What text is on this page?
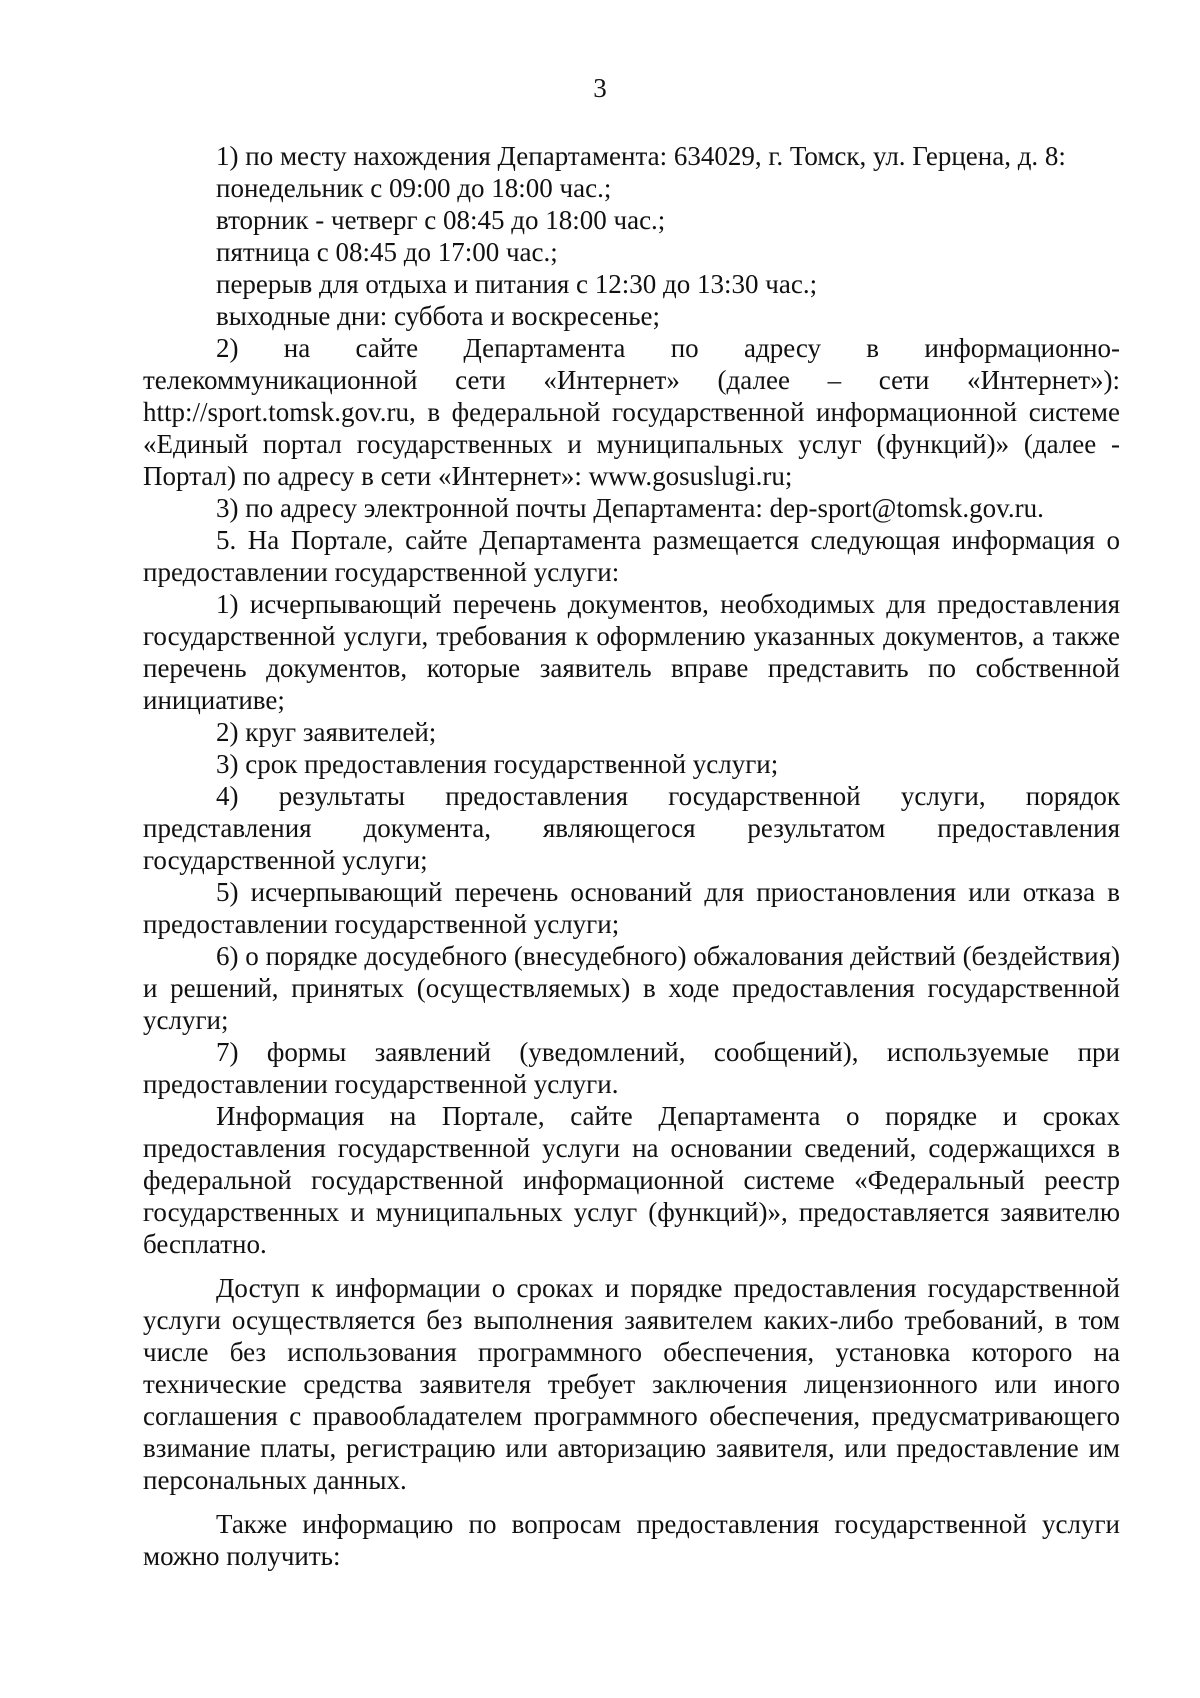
3

1) по месту нахождения Департамента: 634029, г. Томск, ул. Герцена, д. 8:

понедельник с 09:00 до 18:00 час.;

вторник - четверг с 08:45 до 18:00 час.;

пятница с 08:45 до 17:00 час.;

перерыв для отдыха и питания с 12:30 до 13:30 час.;

выходные дни: суббота и воскресенье;

2) на сайте Департамента по адресу в информационно-телекоммуникационной сети «Интернет» (далее – сети «Интернет»): http://sport.tomsk.gov.ru, в федеральной государственной информационной системе «Единый портал государственных и муниципальных услуг (функций)» (далее - Портал) по адресу в сети «Интернет»: www.gosuslugi.ru;

3) по адресу электронной почты Департамента: dep-sport@tomsk.gov.ru.

5. На Портале, сайте Департамента размещается следующая информация о предоставлении государственной услуги:

1) исчерпывающий перечень документов, необходимых для предоставления государственной услуги, требования к оформлению указанных документов, а также перечень документов, которые заявитель вправе представить по собственной инициативе;

2) круг заявителей;

3) срок предоставления государственной услуги;

4) результаты предоставления государственной услуги, порядок представления документа, являющегося результатом предоставления государственной услуги;

5) исчерпывающий перечень оснований для приостановления или отказа в предоставлении государственной услуги;

6) о порядке досудебного (внесудебного) обжалования действий (бездействия) и решений, принятых (осуществляемых) в ходе предоставления государственной услуги;

7) формы заявлений (уведомлений, сообщений), используемые при предоставлении государственной услуги.

Информация на Портале, сайте Департамента о порядке и сроках предоставления государственной услуги на основании сведений, содержащихся в федеральной государственной информационной системе «Федеральный реестр государственных и муниципальных услуг (функций)», предоставляется заявителю бесплатно.

Доступ к информации о сроках и порядке предоставления государственной услуги осуществляется без выполнения заявителем каких-либо требований, в том числе без использования программного обеспечения, установка которого на технические средства заявителя требует заключения лицензионного или иного соглашения с правообладателем программного обеспечения, предусматривающего взимание платы, регистрацию или авторизацию заявителя, или предоставление им персональных данных.

Также информацию по вопросам предоставления государственной услуги можно получить:
